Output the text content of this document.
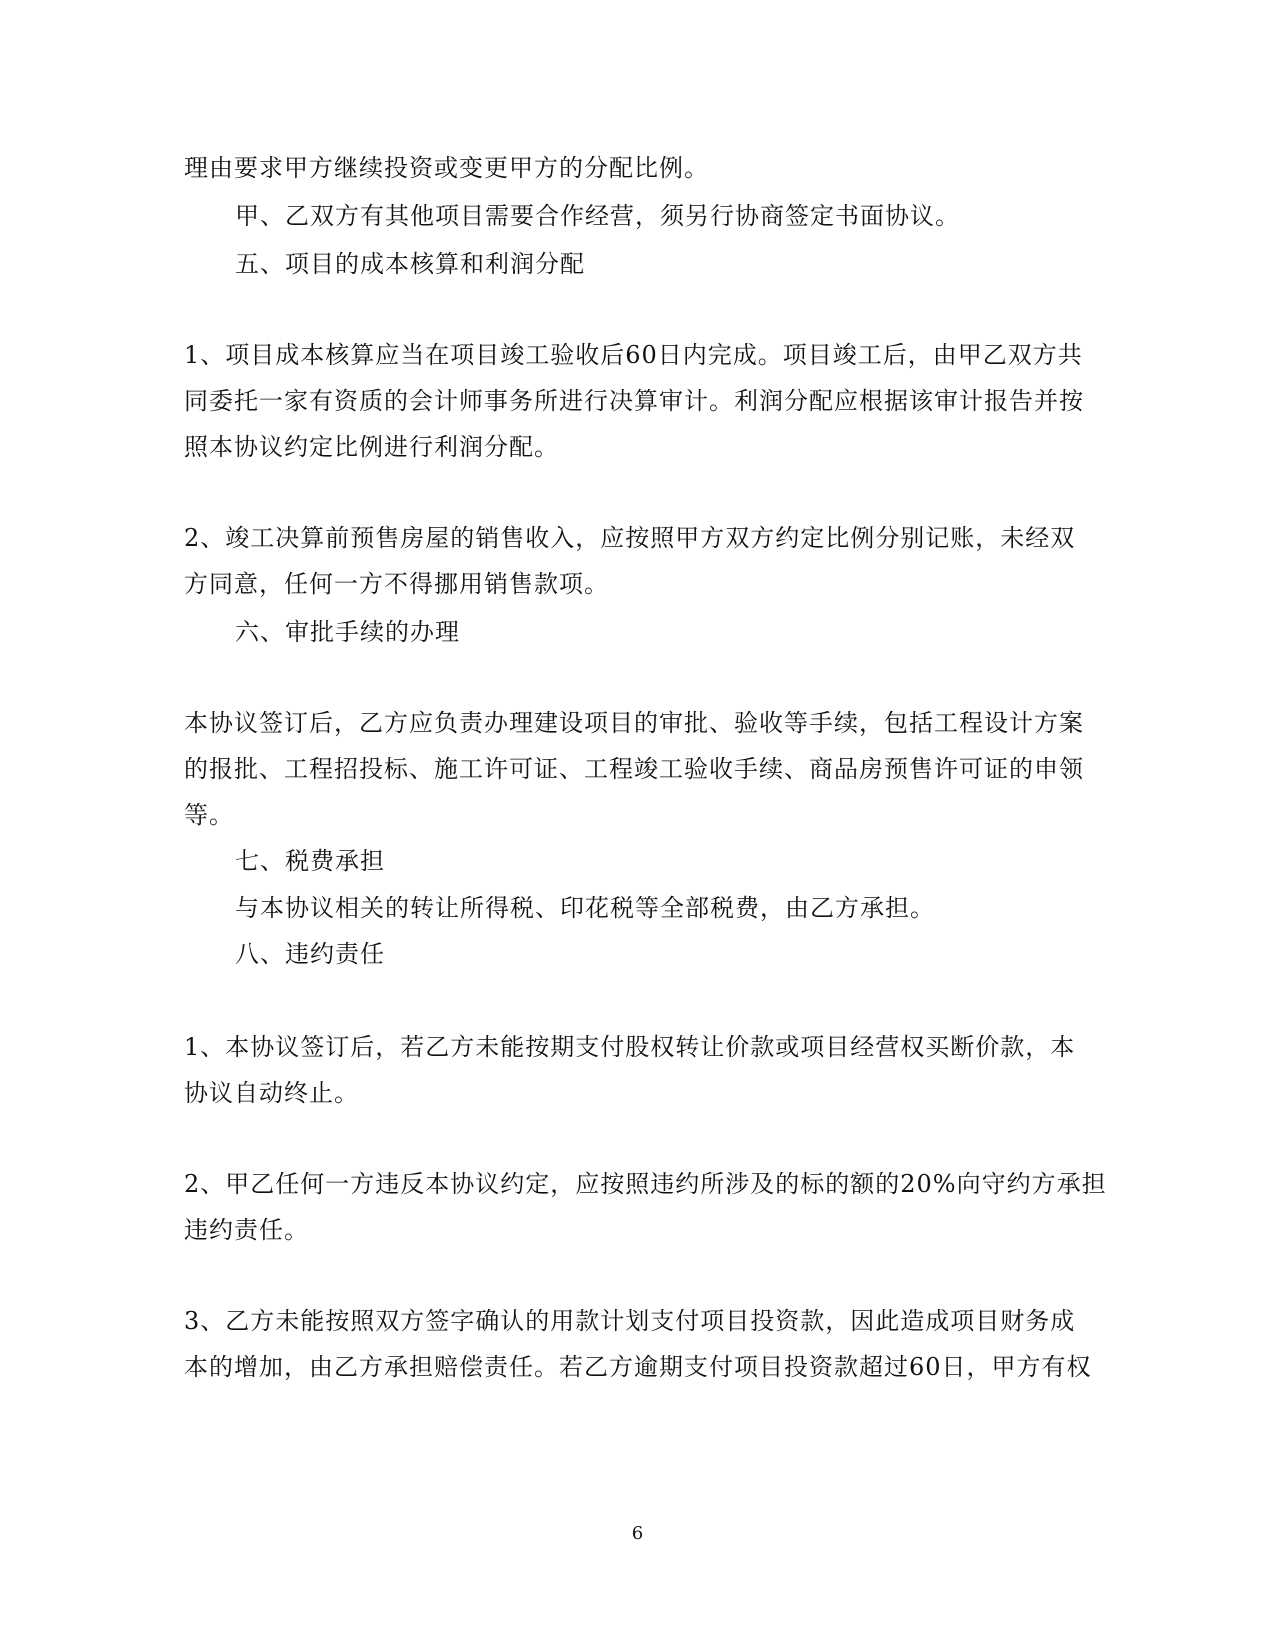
理由要求甲方继续投资或变更甲方的分配比例。
甲、乙双方有其他项目需要合作经营，须另行协商签定书面协议。
五、项目的成本核算和利润分配
1、项目成本核算应当在项目竣工验收后60日内完成。项目竣工后，由甲乙双方共
同委托一家有资质的会计师事务所进行决算审计。利润分配应根据该审计报告并按
照本协议约定比例进行利润分配。
2、竣工决算前预售房屋的销售收入，应按照甲方双方约定比例分别记账，未经双
方同意，任何一方不得挪用销售款项。
六、审批手续的办理
本协议签订后，乙方应负责办理建设项目的审批、验收等手续，包括工程设计方案
的报批、工程招投标、施工许可证、工程竣工验收手续、商品房预售许可证的申领
等。
七、税费承担
与本协议相关的转让所得税、印花税等全部税费，由乙方承担。
八、违约责任
1、本协议签订后，若乙方未能按期支付股权转让价款或项目经营权买断价款，本
协议自动终止。
2、甲乙任何一方违反本协议约定，应按照违约所涉及的标的额的20%向守约方承担
违约责任。
3、乙方未能按照双方签字确认的用款计划支付项目投资款，因此造成项目财务成
本的增加，由乙方承担赔偿责任。若乙方逾期支付项目投资款超过60日，甲方有权
6
